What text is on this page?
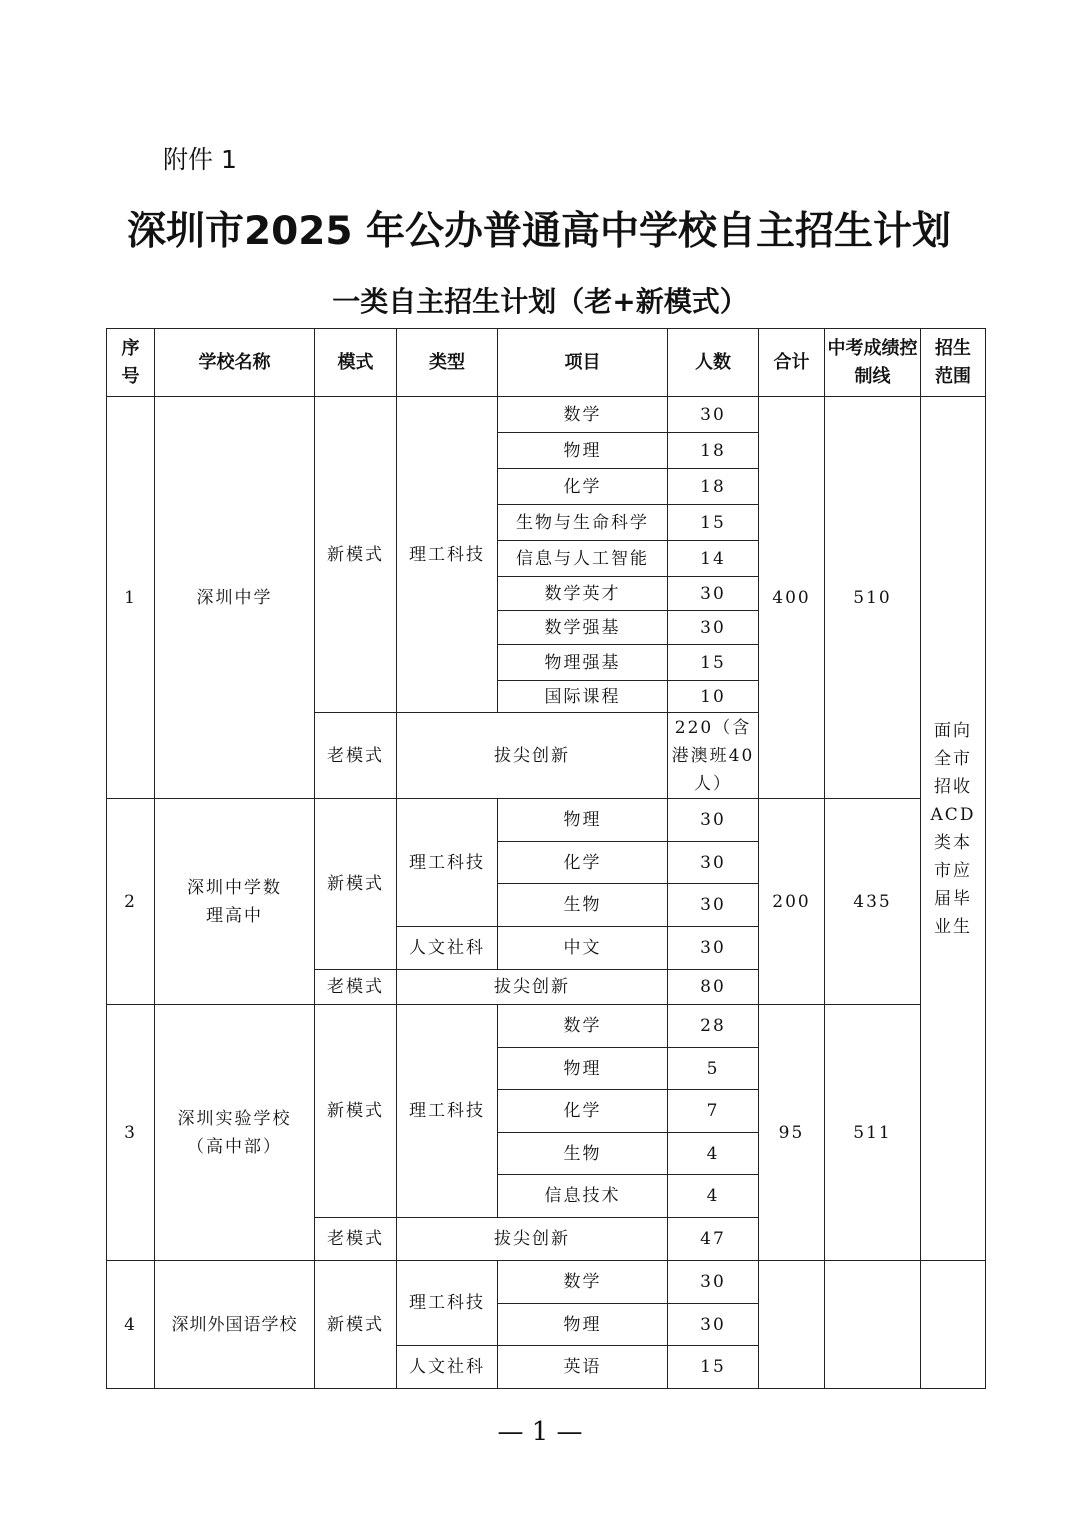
附件 1
深圳市2025 年公办普通高中学校自主招生计划
一类自主招生计划（老+新模式）
序号	学校名称	模式	类型	项目	人数	合计	中考成绩控制线	招生范围
1	深圳中学	新模式	理工科技	数学	30	400	510	面向全市招收ACD类本市应届毕业生
				物理	18			
				化学	18			
				生物与生命科学	15			
				信息与人工智能	14			
				数学英才	30			
				数学强基	30			
				物理强基	15			
				国际课程	10			
		老模式	拔尖创新		220（含港澳班40人）			
2	深圳中学数理高中	新模式	理工科技	物理	30	200	435	
				化学	30			
				生物	30			
			人文社科	中文	30			
		老模式	拔尖创新		80			
3	深圳实验学校（高中部）	新模式	理工科技	数学	28	95	511	
				物理	5			
				化学	7			
				生物	4			
				信息技术	4			
		老模式	拔尖创新		47			
4	深圳外国语学校	新模式	理工科技	数学	30			
				物理	30			
			人文社科	英语	15			
— 1 —
